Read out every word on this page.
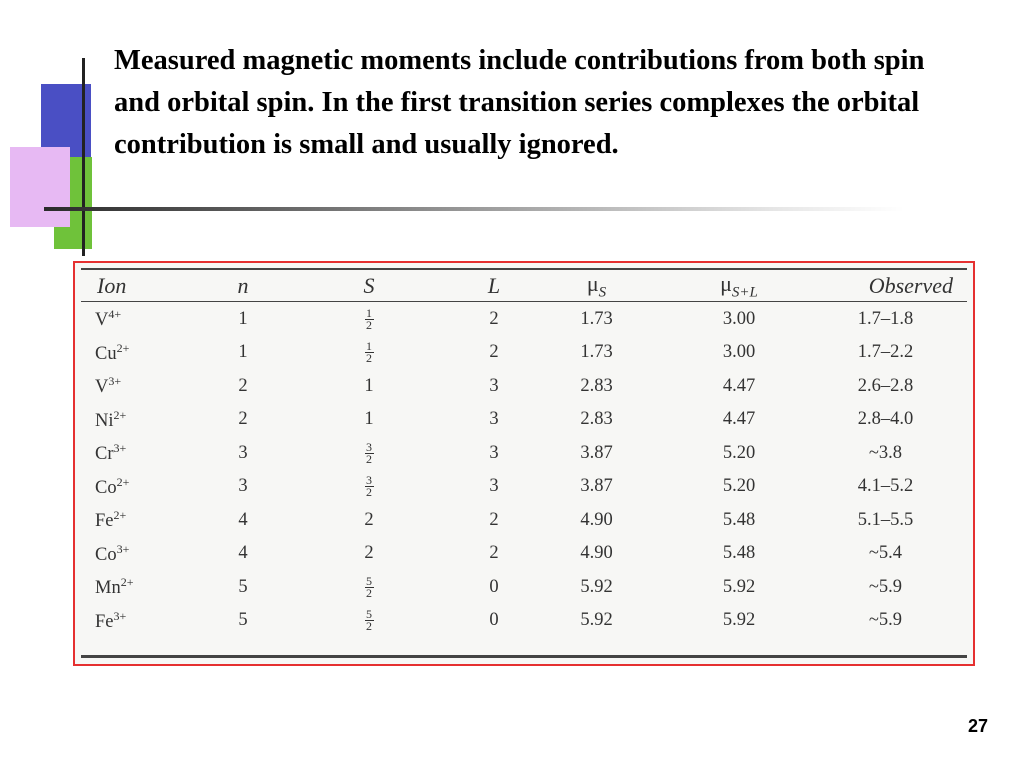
Measured magnetic moments include contributions from both spin and orbital spin. In the first transition series complexes the orbital contribution is small and usually ignored.

Ion	n	S	L	$\mu_S$	$\mu_{S+L}$	Observed
$V^{4+}$	1	$\frac{1}{2}$	2	1.73	3.00	1.7–1.8
$Cu^{2+}$	1	$\frac{1}{2}$	2	1.73	3.00	1.7–2.2
$V^{3+}$	2	1	3	2.83	4.47	2.6–2.8
$Ni^{2+}$	2	1	3	2.83	4.47	2.8–4.0
$Cr^{3+}$	3	$\frac{3}{2}$	3	3.87	5.20	~3.8
$Co^{2+}$	3	$\frac{3}{2}$	3	3.87	5.20	4.1–5.2
$Fe^{2+}$	4	2	2	4.90	5.48	5.1–5.5
$Co^{3+}$	4	2	2	4.90	5.48	~5.4
$Mn^{2+}$	5	$\frac{5}{2}$	0	5.92	5.92	~5.9
$Fe^{3+}$	5	$\frac{5}{2}$	0	5.92	5.92	~5.9

27
